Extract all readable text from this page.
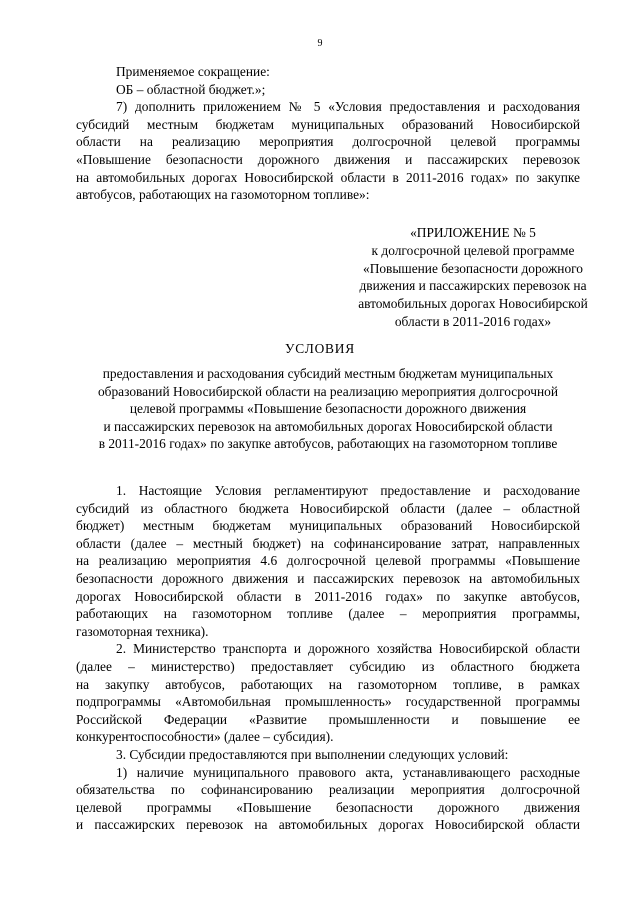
9
Применяемое сокращение:
ОБ – областной бюджет.»;
7) дополнить приложением № 5 «Условия предоставления и расходования
субсидий местным бюджетам муниципальных образований Новосибирской
области на реализацию мероприятия долгосрочной целевой программы
«Повышение безопасности дорожного движения и пассажирских перевозок
на автомобильных дорогах Новосибирской области в 2011-2016 годах» по закупке
автобусов, работающих на газомоторном топливе»:
«ПРИЛОЖЕНИЕ № 5
к долгосрочной целевой программе
«Повышение безопасности дорожного
движения и пассажирских перевозок на
автомобильных дорогах Новосибирской
области в 2011-2016 годах»
УСЛОВИЯ
предоставления и расходования субсидий местным бюджетам муниципальных
образований Новосибирской области на реализацию мероприятия долгосрочной
целевой программы «Повышение безопасности дорожного движения
и пассажирских перевозок на автомобильных дорогах Новосибирской области
в 2011-2016 годах» по закупке автобусов, работающих на газомоторном топливе
1. Настоящие Условия регламентируют предоставление и расходование
субсидий из областного бюджета Новосибирской области (далее – областной
бюджет) местным бюджетам муниципальных образований Новосибирской
области (далее – местный бюджет) на софинансирование затрат, направленных
на реализацию мероприятия 4.6 долгосрочной целевой программы «Повышение
безопасности дорожного движения и пассажирских перевозок на автомобильных
дорогах Новосибирской области в 2011-2016 годах» по закупке автобусов,
работающих на газомоторном топливе (далее – мероприятия программы,
газомоторная техника).
2. Министерство транспорта и дорожного хозяйства Новосибирской области
(далее – министерство) предоставляет субсидию из областного бюджета
на закупку автобусов, работающих на газомоторном топливе, в рамках
подпрограммы «Автомобильная промышленность» государственной программы
Российской Федерации «Развитие промышленности и повышение ее
конкурентоспособности» (далее – субсидия).
3. Субсидии предоставляются при выполнении следующих условий:
1) наличие муниципального правового акта, устанавливающего расходные
обязательства по софинансированию реализации мероприятия долгосрочной
целевой программы «Повышение безопасности дорожного движения
и пассажирских перевозок на автомобильных дорогах Новосибирской области
